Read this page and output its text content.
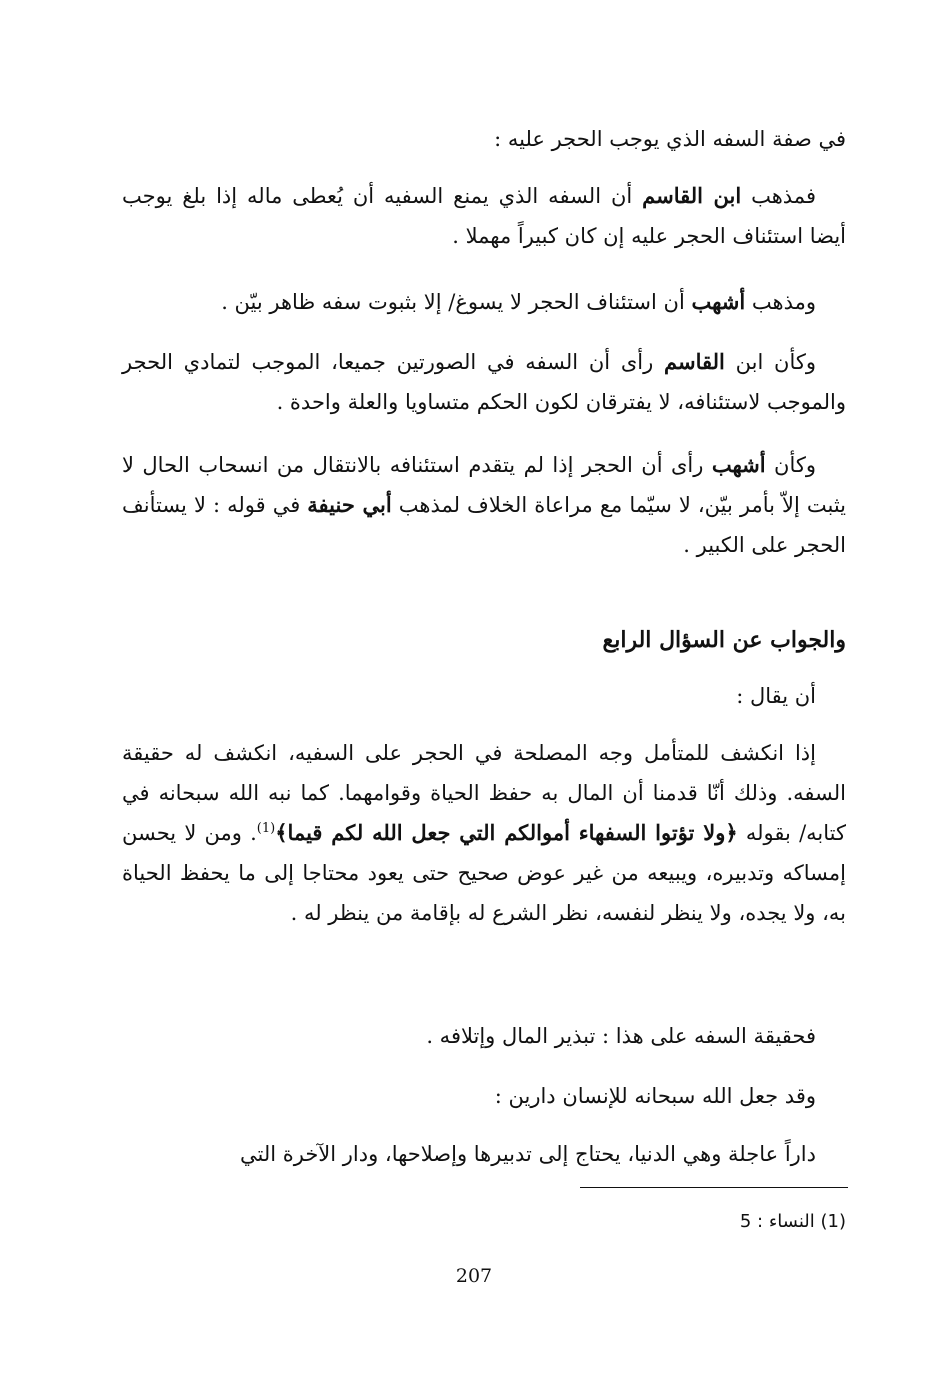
في صفة السفه الذي يوجب الحجر عليه :

فمذهب ابن القاسم أن السفه الذي يمنع السفيه أن يُعطى ماله إذا بلغ يوجب أيضا استئناف الحجر عليه إن كان كبيراً مهملا .

ومذهب أشهب أن استئناف الحجر لا يسوغ/ إلا بثبوت سفه ظاهر بيّن .

وكأن ابن القاسم رأى أن السفه في الصورتين جميعا، الموجب لتمادي الحجر والموجب لاستئنافه، لا يفترقان لكون الحكم متساويا والعلة واحدة .

وكأن أشهب رأى أن الحجر إذا لم يتقدم استئنافه بالانتقال من انسحاب الحال لا يثبت إلاّ بأمر بيّن، لا سيّما مع مراعاة الخلاف لمذهب أبي حنيفة في قوله : لا يستأنف الحجر على الكبير .

والجواب عن السؤال الرابع

أن يقال :

إذا انكشف للمتأمل وجه المصلحة في الحجر على السفيه، انكشف له حقيقة السفه. وذلك أنّا قدمنا أن المال به حفظ الحياة وقوامهما. كما نبه الله سبحانه في كتابه/ بقوله ﴿ولا تؤتوا السفهاء أموالكم التي جعل الله لكم قيما﴾$^{(1)}$. ومن لا يحسن إمساكه وتدبيره، ويبيعه من غير عوض صحيح حتى يعود محتاجا إلى ما يحفظ الحياة به، ولا يجده، ولا ينظر لنفسه، نظر الشرع له بإقامة من ينظر له .

فحقيقة السفه على هذا : تبذير المال وإتلافه .

وقد جعل الله سبحانه للإنسان دارين :

داراً عاجلة وهي الدنيا، يحتاج إلى تدبيرها وإصلاحها، ودار الآخرة التي

(1) النساء : 5

207
